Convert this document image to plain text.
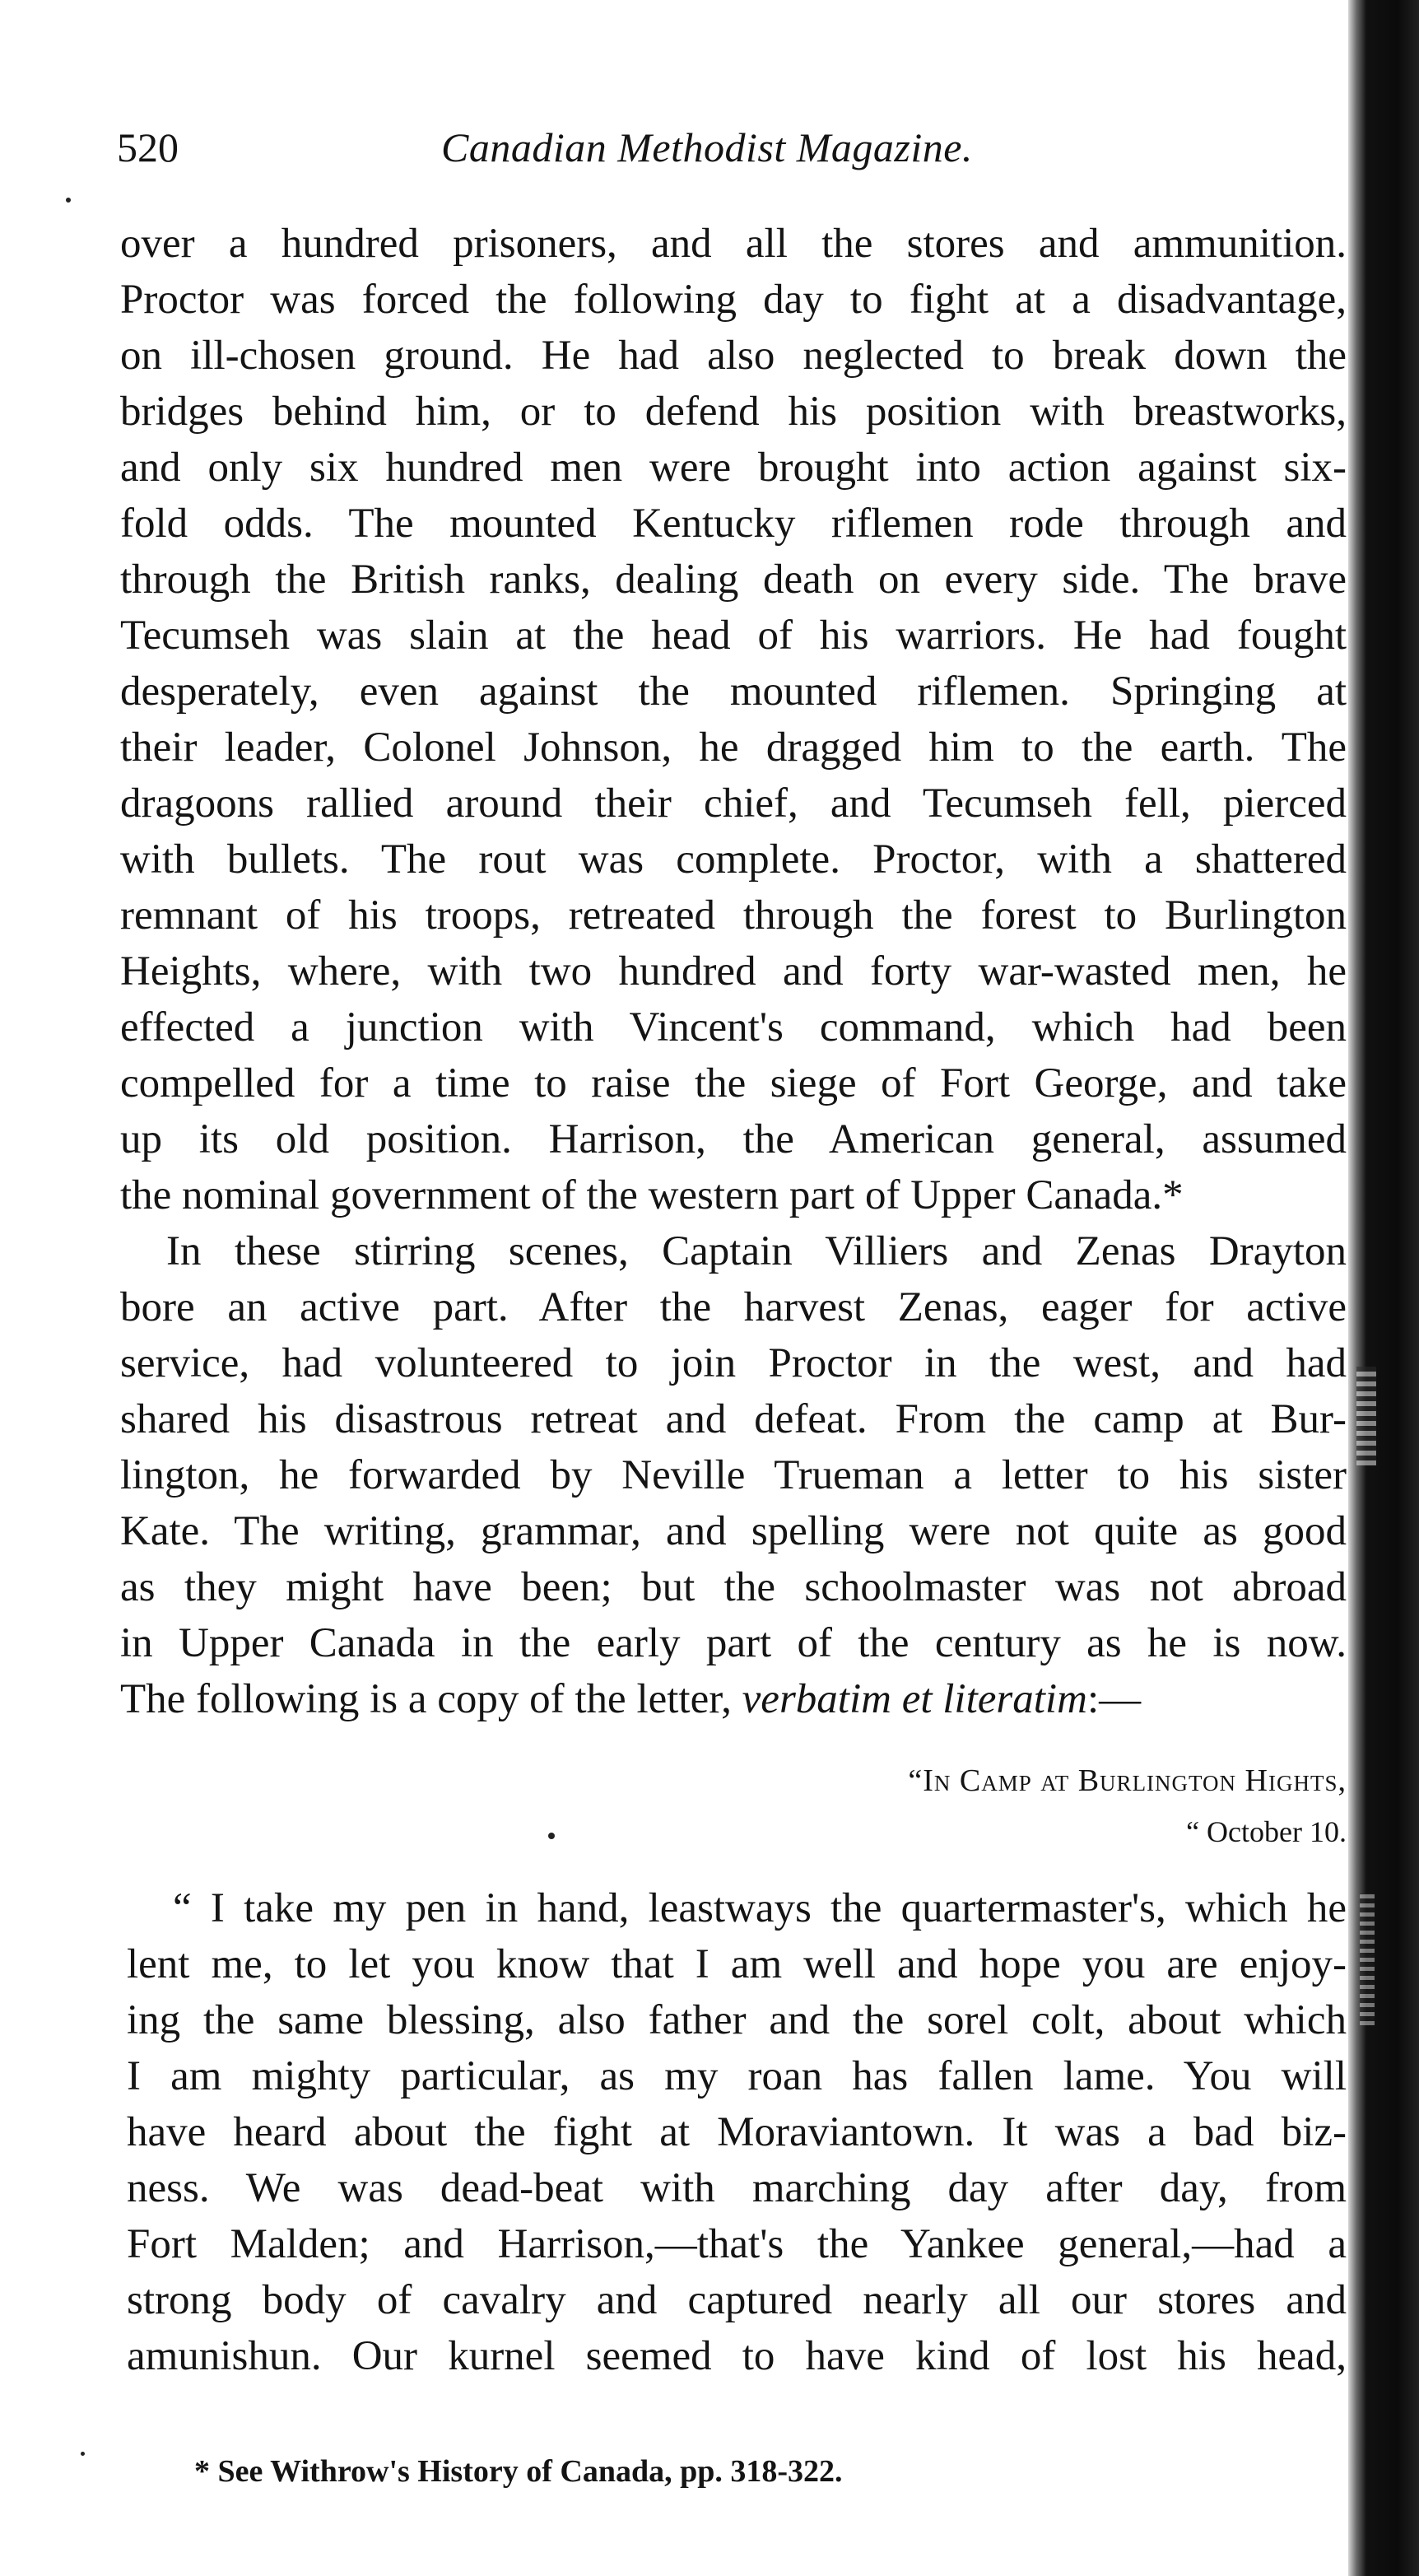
520	Canadian Methodist Magazine.
over a hundred prisoners, and all the stores and ammunition.
Proctor was forced the following day to fight at a disadvantage,
on ill-chosen ground. He had also neglected to break down the
bridges behind him, or to defend his position with breastworks,
and only six hundred men were brought into action against six-
fold odds. The mounted Kentucky riflemen rode through and
through the British ranks, dealing death on every side. The brave
Tecumseh was slain at the head of his warriors. He had fought
desperately, even against the mounted riflemen. Springing at
their leader, Colonel Johnson, he dragged him to the earth. The
dragoons rallied around their chief, and Tecumseh fell, pierced
with bullets. The rout was complete. Proctor, with a shattered
remnant of his troops, retreated through the forest to Burlington
Heights, where, with two hundred and forty war-wasted men, he
effected a junction with Vincent's command, which had been
compelled for a time to raise the siege of Fort George, and take
up its old position. Harrison, the American general, assumed
the nominal government of the western part of Upper Canada.*
In these stirring scenes, Captain Villiers and Zenas Drayton
bore an active part. After the harvest Zenas, eager for active
service, had volunteered to join Proctor in the west, and had
shared his disastrous retreat and defeat. From the camp at Bur-
lington, he forwarded by Neville Trueman a letter to his sister
Kate. The writing, grammar, and spelling were not quite as good
as they might have been; but the schoolmaster was not abroad
in Upper Canada in the early part of the century as he is now.
The following is a copy of the letter, verbatim et literatim:—
“In Camp at Burlington Hights,
“ October 10.
“ I take my pen in hand, leastways the quartermaster's, which he
lent me, to let you know that I am well and hope you are enjoy-
ing the same blessing, also father and the sorel colt, about which
I am mighty particular, as my roan has fallen lame. You will
have heard about the fight at Moraviantown. It was a bad biz-
ness. We was dead-beat with marching day after day, from
Fort Malden; and Harrison,—that's the Yankee general,—had a
strong body of cavalry and captured nearly all our stores and
amunishun. Our kurnel seemed to have kind of lost his head,
* See Withrow's History of Canada, pp. 318-322.
